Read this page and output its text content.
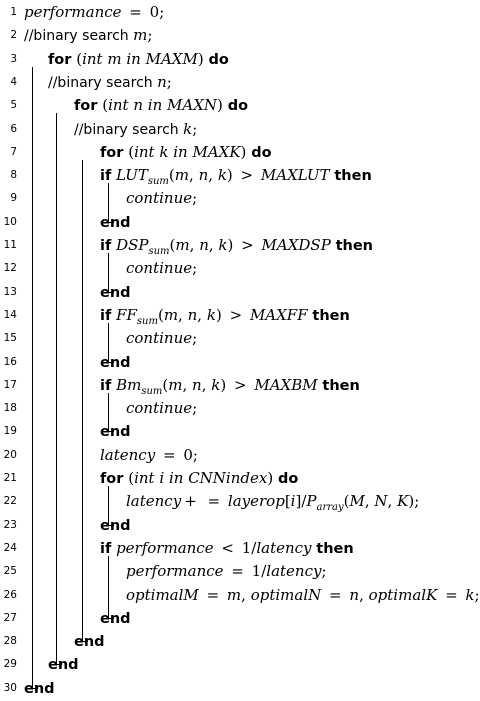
1 performance = 0;
2 //binary search m;
3 for (int m in MAXM) do
4 //binary search n;
5	for (int n in MAXN) do
6	//binary search k;
7	for (int k in MAXK) do
8	if $LUT_{sum}(m$, n, k) > MAXLUT then
9	continue;
10	end
11	if $DSP_{sum}(m$, n, k) > MAXDSP then
12	continue;
13	end
14	if $FF_{sum}(m$, n, k) > MAXFF then
15	continue;
16	end
17	if $Bm_{sum}(m$, n, k) > MAXBM then
18	continue;
19	end
20	latency = 0;
21	for (int i in CNNindex) do
22	latency + = $layerop[i]/P_{array}(M$, N, K);
23	end
24	if performance < 1/latency then
25	performance = 1/latency;
26	optimalM = m, optimalN = n, optimalK = k;
27	end
28	end
29 end
30 end
